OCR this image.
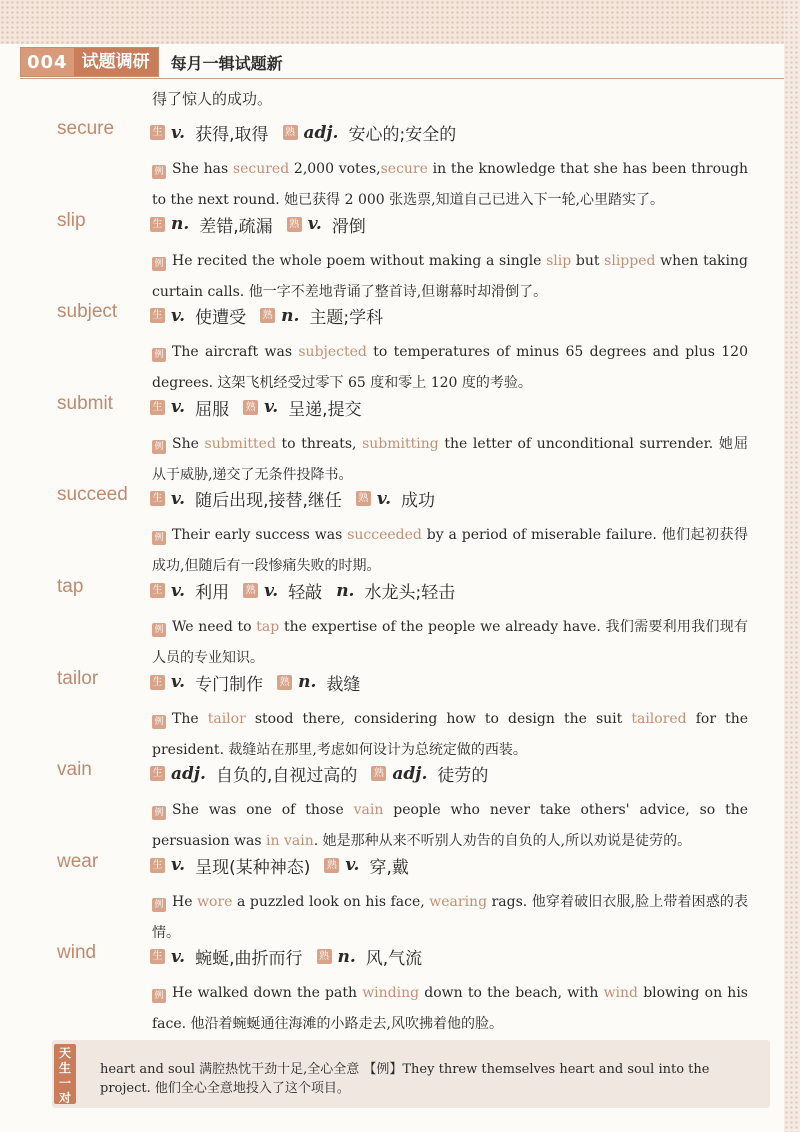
004 试题调研	每月一辑试题新
得了惊人的成功。
secure	生 v. 获得,取得 熟 adj. 安心的;安全的
例 She has secured 2,000 votes,secure in the knowledge that she has been through to the next round. 她已获得 2 000 张选票,知道自己已进入下一轮,心里踏实了。
slip	生 n. 差错,疏漏 熟 v. 滑倒
例 He recited the whole poem without making a single slip but slipped when taking curtain calls. 他一字不差地背诵了整首诗,但谢幕时却滑倒了。
subject	生 v. 使遭受 熟 n. 主题;学科
例 The aircraft was subjected to temperatures of minus 65 degrees and plus 120 degrees. 这架飞机经受过零下 65 度和零上 120 度的考验。
submit	生 v. 屈服 熟 v. 呈递,提交
例 She submitted to threats, submitting the letter of unconditional surrender. 她屈从于威胁,递交了无条件投降书。
succeed 生 v. 随后出现,接替,继任 熟 v. 成功
例 Their early success was succeeded by a period of miserable failure. 他们起初获得成功,但随后有一段惨痛失败的时期。
tap	生 v. 利用 熟 v. 轻敲 n. 水龙头;轻击
例 We need to tap the expertise of the people we already have. 我们需要利用我们现有人员的专业知识。
tailor	生 v. 专门制作 熟 n. 裁缝
例 The tailor stood there, considering how to design the suit tailored for the president. 裁缝站在那里,考虑如何设计为总统定做的西装。
vain	生 adj. 自负的,自视过高的 熟 adj. 徒劳的
例 She was one of those vain people who never take others' advice, so the persuasion was in vain. 她是那种从来不听别人劝告的自负的人,所以劝说是徒劳的。
wear	生 v. 呈现(某种神态) 熟 v. 穿,戴
例 He wore a puzzled look on his face, wearing rags. 他穿着破旧衣服,脸上带着困惑的表情。
wind	生 v. 蜿蜒,曲折而行 熟 n. 风,气流
例 He walked down the path winding down to the beach, with wind blowing on his face. 他沿着蜿蜒通往海滩的小路走去,风吹拂着他的脸。
heart and soul 满腔热忱干劲十足,全心全意 【例】They threw themselves heart and soul into the project. 他们全心全意地投入了这个项目。
天生一对
